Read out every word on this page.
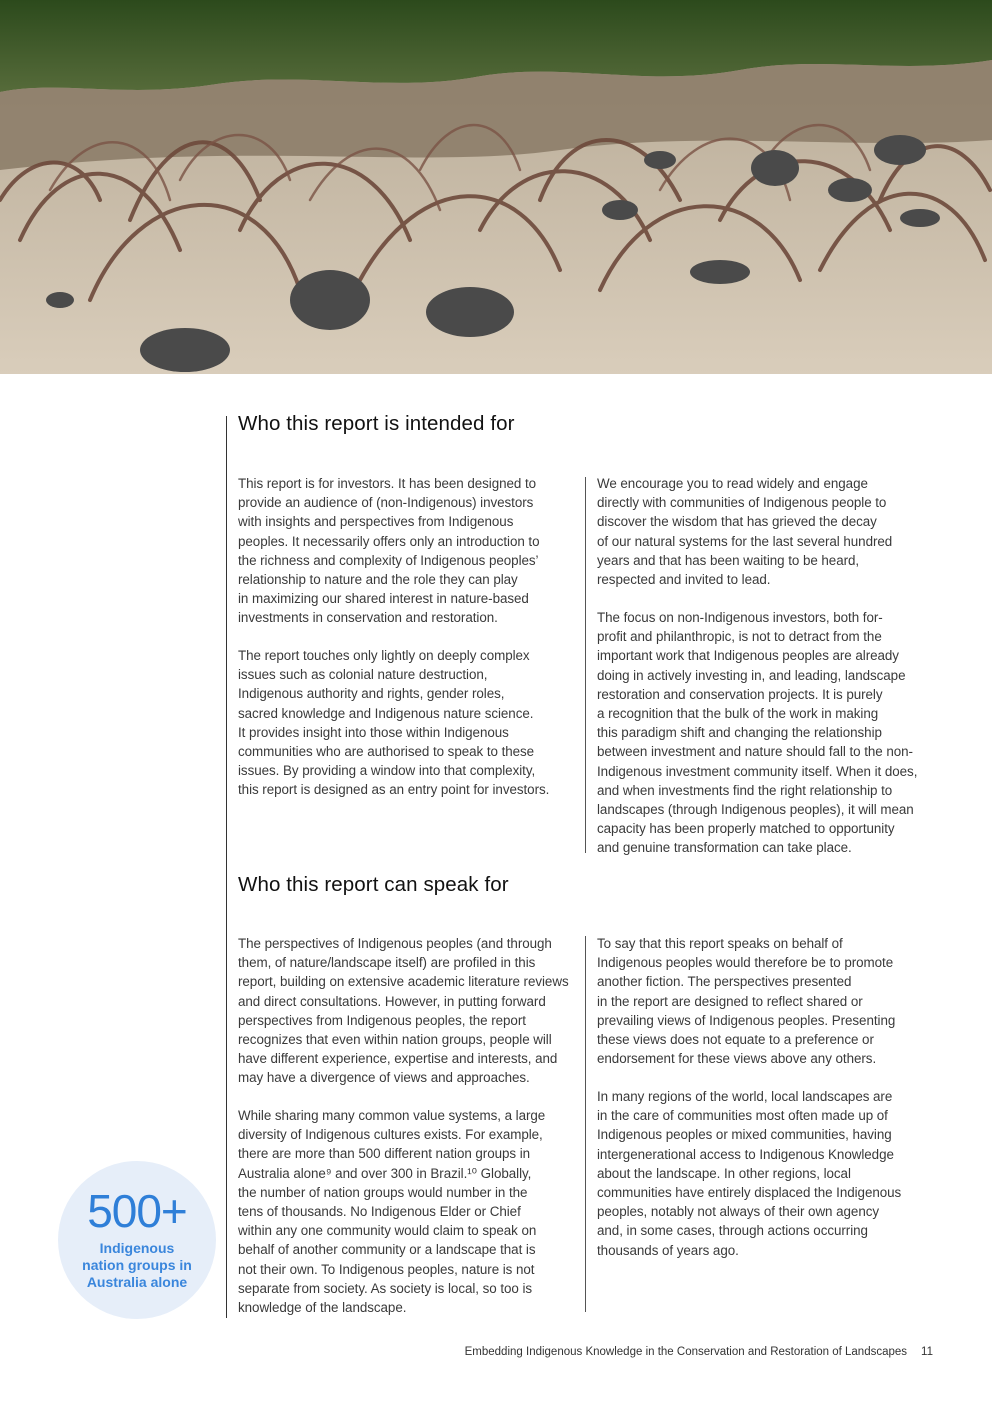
Who this report is intended for
This report is for investors. It has been designed to
provide an audience of (non-Indigenous) investors
with insights and perspectives from Indigenous
peoples. It necessarily offers only an introduction to
the richness and complexity of Indigenous peoples’
relationship to nature and the role they can play
in maximizing our shared interest in nature-based
investments in conservation and restoration.
The report touches only lightly on deeply complex
issues such as colonial nature destruction,
Indigenous authority and rights, gender roles,
sacred knowledge and Indigenous nature science.
It provides insight into those within Indigenous
communities who are authorised to speak to these
issues. By providing a window into that complexity,
this report is designed as an entry point for investors.
We encourage you to read widely and engage
directly with communities of Indigenous people to
discover the wisdom that has grieved the decay
of our natural systems for the last several hundred
years and that has been waiting to be heard,
respected and invited to lead.
The focus on non-Indigenous investors, both for-
profit and philanthropic, is not to detract from the
important work that Indigenous peoples are already
doing in actively investing in, and leading, landscape
restoration and conservation projects. It is purely
a recognition that the bulk of the work in making
this paradigm shift and changing the relationship
between investment and nature should fall to the non-
Indigenous investment community itself. When it does,
and when investments find the right relationship to
landscapes (through Indigenous peoples), it will mean
capacity has been properly matched to opportunity
and genuine transformation can take place.
Who this report can speak for
The perspectives of Indigenous peoples (and through
them, of nature/landscape itself) are profiled in this
report, building on extensive academic literature reviews
and direct consultations. However, in putting forward
perspectives from Indigenous peoples, the report
recognizes that even within nation groups, people will
have different experience, expertise and interests, and
may have a divergence of views and approaches.
While sharing many common value systems, a large
diversity of Indigenous cultures exists. For example,
there are more than 500 different nation groups in
Australia alone⁹ and over 300 in Brazil.¹⁰ Globally,
the number of nation groups would number in the
tens of thousands. No Indigenous Elder or Chief
within any one community would claim to speak on
behalf of another community or a landscape that is
not their own. To Indigenous peoples, nature is not
separate from society. As society is local, so too is
knowledge of the landscape.
To say that this report speaks on behalf of
Indigenous peoples would therefore be to promote
another fiction. The perspectives presented
in the report are designed to reflect shared or
prevailing views of Indigenous peoples. Presenting
these views does not equate to a preference or
endorsement for these views above any others.
In many regions of the world, local landscapes are
in the care of communities most often made up of
Indigenous peoples or mixed communities, having
intergenerational access to Indigenous Knowledge
about the landscape. In other regions, local
communities have entirely displaced the Indigenous
peoples, notably not always of their own agency
and, in some cases, through actions occurring
thousands of years ago.
500+
Indigenous
nation groups in
Australia alone
Embedding Indigenous Knowledge in the Conservation and Restoration of Landscapes 11
